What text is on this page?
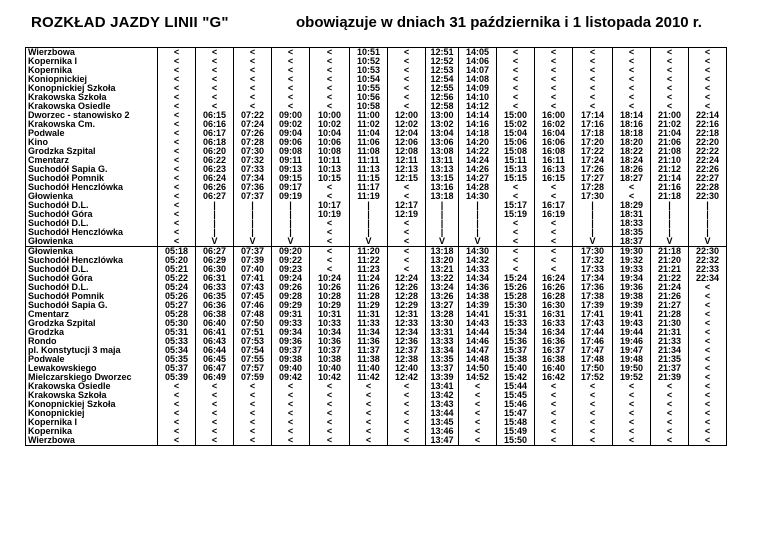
ROZKŁAD JAZDY LINII "G"	obowiązuje w dniach 31 października i 1 listopada 2010 r.
Wierzbowa	<	<	<	<	<	10:51	<	12:51	14:05	<	<	<	<	<	<
Kopernika I	<	<	<	<	<	10:52	<	12:52	14:06	<	<	<	<	<	<
Kopernika	<	<	<	<	<	10:53	<	12:53	14:07	<	<	<	<	<	<
Koniopnickiej	<	<	<	<	<	10:54	<	12:54	14:08	<	<	<	<	<	<
Konopnickiej Szkoła	<	<	<	<	<	10:55	<	12:55	14:09	<	<	<	<	<	<
Krakowska Szkoła	<	<	<	<	<	10:56	<	12:56	14:10	<	<	<	<	<	<
Krakowska Osiedle	<	<	<	<	<	10:58	<	12:58	14:12	<	<	<	<	<	<
Dworzec - stanowisko 2	<	06:15	07:22	09:00	10:00	11:00	12:00	13:00	14:14	15:00	16:00	17:14	18:14	21:00	22:14
Krakowska Cm.	<	06:16	07:24	09:02	10:02	11:02	12:02	13:02	14:16	15:02	16:02	17:16	18:16	21:02	22:16
Podwale	<	06:17	07:26	09:04	10:04	11:04	12:04	13:04	14:18	15:04	16:04	17:18	18:18	21:04	22:18
Kino	<	06:18	07:28	09:06	10:06	11:06	12:06	13:06	14:20	15:06	16:06	17:20	18:20	21:06	22:20
Grodzka Szpital	<	06:20	07:30	09:08	10:08	11:08	12:08	13:08	14:22	15:08	16:08	17:22	18:22	21:08	22:22
Cmentarz	<	06:22	07:32	09:11	10:11	11:11	12:11	13:11	14:24	15:11	16:11	17:24	18:24	21:10	22:24
Suchodół Sapia G.	<	06:23	07:33	09:13	10:13	11:13	12:13	13:13	14:26	15:13	16:13	17:26	18:26	21:12	22:26
Suchodół Pomnik	<	06:24	07:34	09:15	10:15	11:15	12:15	13:15	14:27	15:15	16:15	17:27	18:27	21:14	22:27
Suchodół Henczlówka	<	06:26	07:36	09:17	<	11:17	<	13:16	14:28	<	<	17:28	<	21:16	22:28
Głowienka	<	06:27	07:37	09:19	<	11:19	<	13:18	14:30	<	<	17:30	<	21:18	22:30
Suchodół D.L.	<	|	|	|	10:17	|	12:17	|	|	15:17	16:17	|	18:29	|	|
Suchodół Góra	<	|	|	|	10:19	|	12:19	|	|	15:19	16:19	|	18:31	|	|
Suchodół D.L.	<	|	|	|	<	|	<	|	|	<	<	|	18:33	|	|
Suchodół Henczlówka	<	|	|	|	<	|	<	|	|	<	<	|	18:35	|	|
Głowienka	<	V	V	V	<	V	<	V	V	<	<	V	18:37	V	V
Głowienka	05:18	06:27	07:37	09:20	<	11:20	<	13:18	14:30	<	<	17:30	19:30	21:18	22:30
Suchodół Henczlówka	05:20	06:29	07:39	09:22	<	11:22	<	13:20	14:32	<	<	17:32	19:32	21:20	22:32
Suchodół D.L.	05:21	06:30	07:40	09:23	<	11:23	<	13:21	14:33	<	<	17:33	19:33	21:21	22:33
Suchodół Góra	05:22	06:31	07:41	09:24	10:24	11:24	12:24	13:22	14:34	15:24	16:24	17:34	19:34	21:22	22:34
Suchodół D.L.	05:24	06:33	07:43	09:26	10:26	11:26	12:26	13:24	14:36	15:26	16:26	17:36	19:36	21:24	<
Suchodół Pomnik	05:26	06:35	07:45	09:28	10:28	11:28	12:28	13:26	14:38	15:28	16:28	17:38	19:38	21:26	<
Suchodół Sapia G.	05:27	06:36	07:46	09:29	10:29	11:29	12:29	13:27	14:39	15:30	16:30	17:39	19:39	21:27	<
Cmentarz	05:28	06:38	07:48	09:31	10:31	11:31	12:31	13:28	14:41	15:31	16:31	17:41	19:41	21:28	<
Grodzka Szpital	05:30	06:40	07:50	09:33	10:33	11:33	12:33	13:30	14:43	15:33	16:33	17:43	19:43	21:30	<
Grodzka	05:31	06:41	07:51	09:34	10:34	11:34	12:34	13:31	14:44	15:34	16:34	17:44	19:44	21:31	<
Rondo	05:33	06:43	07:53	09:36	10:36	11:36	12:36	13:33	14:46	15:36	16:36	17:46	19:46	21:33	<
pl. Konstytucji 3 maja	05:34	06:44	07:54	09:37	10:37	11:37	12:37	13:34	14:47	15:37	16:37	17:47	19:47	21:34	<
Podwale	05:35	06:45	07:55	09:38	10:38	11:38	12:38	13:35	14:48	15:38	16:38	17:48	19:48	21:35	<
Lewakowskiego	05:37	06:47	07:57	09:40	10:40	11:40	12:40	13:37	14:50	15:40	16:40	17:50	19:50	21:37	<
Mielczarskiego Dworzec	05:39	06:49	07:59	09:42	10:42	11:42	12:42	13:39	14:52	15:42	16:42	17:52	19:52	21:39	<
Krakowska Osiedle	<	<	<	<	<	<	<	13:41	<	15:44	<	<	<	<	<
Krakowska Szkoła	<	<	<	<	<	<	<	13:42	<	15:45	<	<	<	<	<
Konopnickiej Szkoła	<	<	<	<	<	<	<	13:43	<	15:46	<	<	<	<	<
Konopnickiej	<	<	<	<	<	<	<	13:44	<	15:47	<	<	<	<	<
Kopernika I	<	<	<	<	<	<	<	13:45	<	15:48	<	<	<	<	<
Kopernika	<	<	<	<	<	<	<	13:46	<	15:49	<	<	<	<	<
Wierzbowa	<	<	<	<	<	<	<	13:47	<	15:50	<	<	<	<	<
